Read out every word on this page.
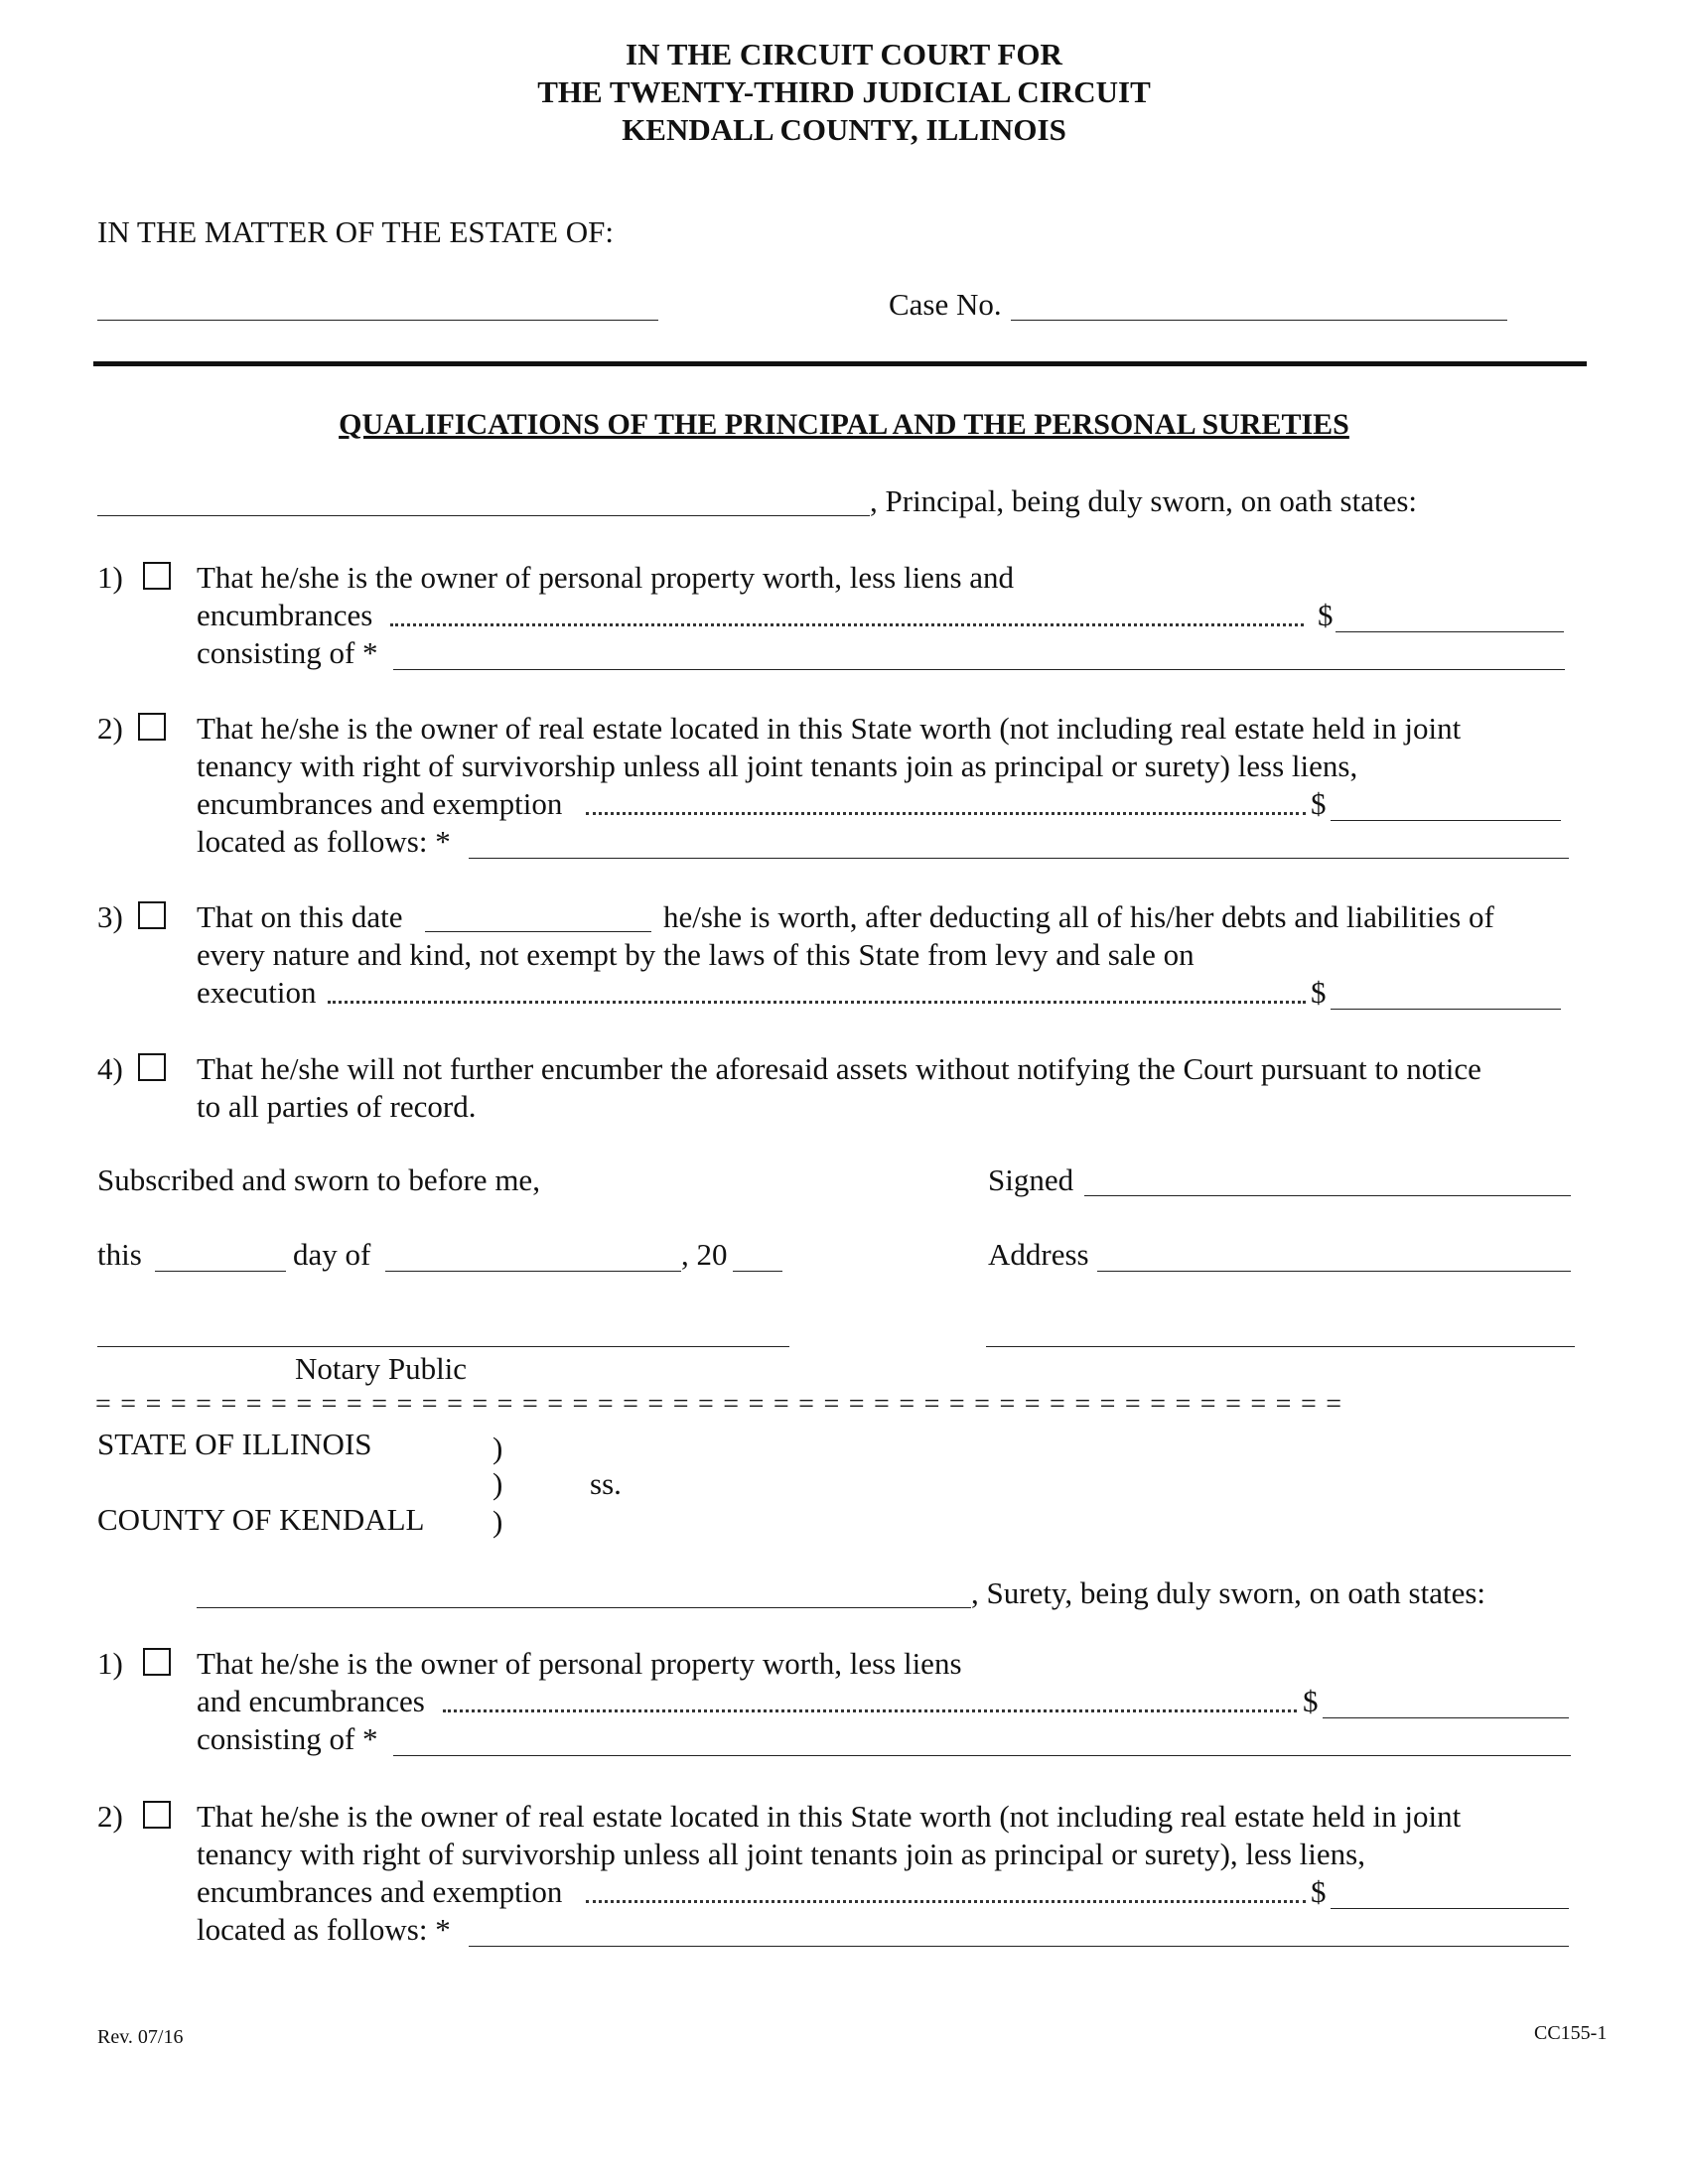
IN THE CIRCUIT COURT FOR
THE TWENTY-THIRD JUDICIAL CIRCUIT
KENDALL COUNTY, ILLINOIS
IN THE MATTER OF THE ESTATE OF:
Case No.
QUALIFICATIONS OF THE PRINCIPAL AND THE PERSONAL SURETIES
, Principal, being duly sworn, on oath states:
1) That he/she is the owner of personal property worth, less liens and
encumbrances	$
consisting of *
2) That he/she is the owner of real estate located in this State worth (not including real estate held in joint
tenancy with right of survivorship unless all joint tenants join as principal or surety) less liens,
encumbrances and exemption	$
located as follows: *
3) That on this date	he/she is worth, after deducting all of his/her debts and liabilities of
every nature and kind, not exempt by the laws of this State from levy and sale on
execution	$
4) That he/she will not further encumber the aforesaid assets without notifying the Court pursuant to notice
to all parties of record.
Subscribed and sworn to before me,	Signed
this	day of	, 20	Address
Notary Public
==================================================
STATE OF ILLINOIS	)
)	ss.
COUNTY OF KENDALL )
, Surety, being duly sworn, on oath states:
1) That he/she is the owner of personal property worth, less liens
and encumbrances	$
consisting of *
2) That he/she is the owner of real estate located in this State worth (not including real estate held in joint
tenancy with right of survivorship unless all joint tenants join as principal or surety), less liens,
encumbrances and exemption	$
located as follows: *
Rev. 07/16	CC155-1
